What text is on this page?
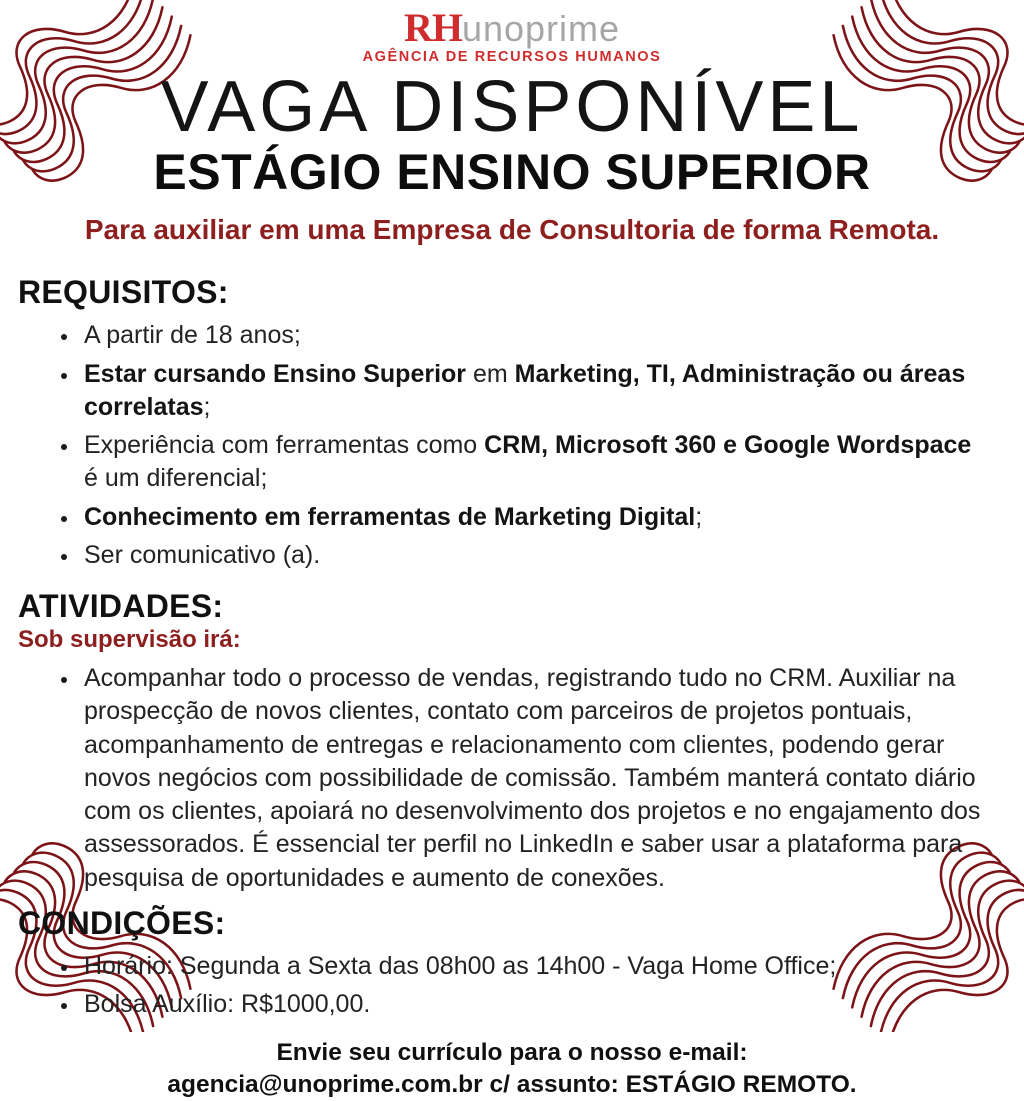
RHunoprime
AGÊNCIA DE RECURSOS HUMANOS
VAGA DISPONÍVEL
ESTÁGIO ENSINO SUPERIOR
Para auxiliar em uma Empresa de Consultoria de forma Remota.
REQUISITOS:
• A partir de 18 anos;
• Estar cursando Ensino Superior em Marketing, TI, Administração ou áreas correlatas;
• Experiência com ferramentas como CRM, Microsoft 360 e Google Wordspace é um diferencial;
• Conhecimento em ferramentas de Marketing Digital;
• Ser comunicativo (a).
ATIVIDADES:
Sob supervisão irá:
• Acompanhar todo o processo de vendas, registrando tudo no CRM. Auxiliar na prospecção de novos clientes, contato com parceiros de projetos pontuais, acompanhamento de entregas e relacionamento com clientes, podendo gerar novos negócios com possibilidade de comissão. Também manterá contato diário com os clientes, apoiará no desenvolvimento dos projetos e no engajamento dos assessorados. É essencial ter perfil no LinkedIn e saber usar a plataforma para pesquisa de oportunidades e aumento de conexões.
CONDIÇÕES:
• Horário: Segunda a Sexta das 08h00 as 14h00 - Vaga Home Office;
• Bolsa Auxílio: R$1000,00.
Envie seu currículo para o nosso e-mail:
agencia@unoprime.com.br c/ assunto: ESTÁGIO REMOTO.
